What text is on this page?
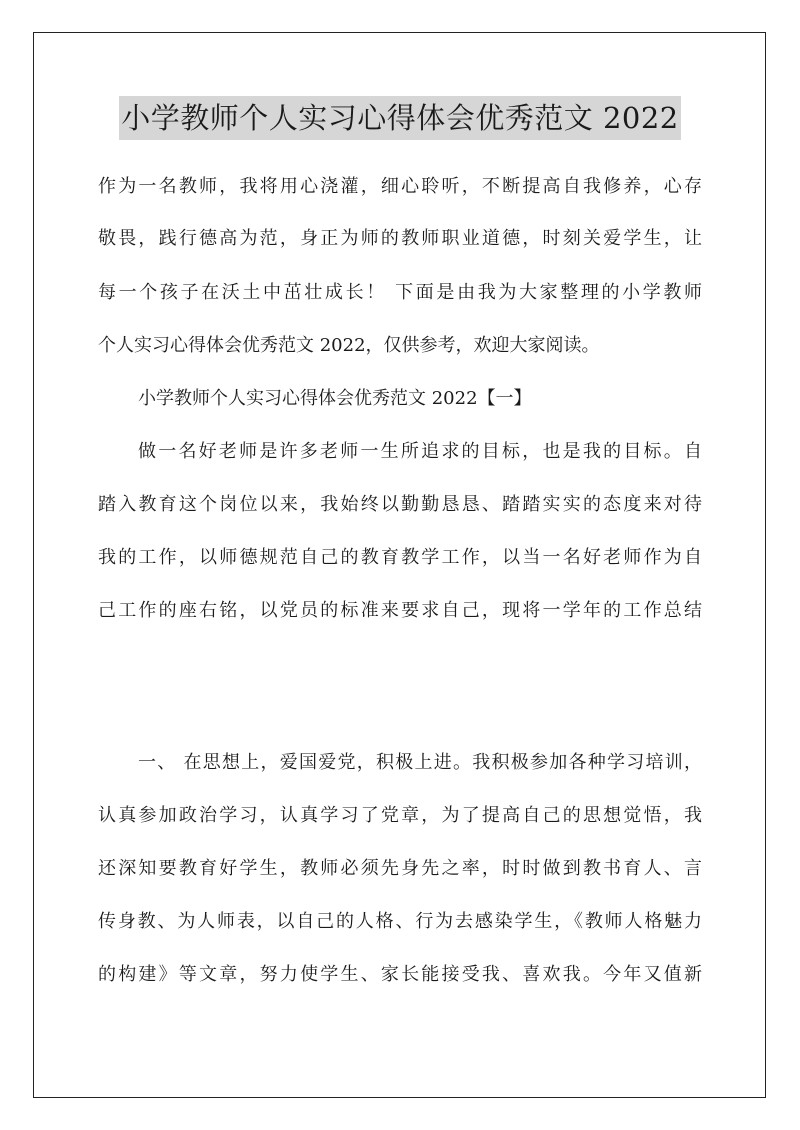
小学教师个人实习心得体会优秀范文 2022
作为一名教师，我将用心浇灌，细心聆听，不断提高自我修养，心存
敬畏，践行德高为范，身正为师的教师职业道德，时刻关爱学生，让
每一个孩子在沃土中茁壮成长！ 下面是由我为大家整理的小学教师
个人实习心得体会优秀范文 2022，仅供参考，欢迎大家阅读。
小学教师个人实习心得体会优秀范文 2022【一】
做一名好老师是许多老师一生所追求的目标，也是我的目标。自
踏入教育这个岗位以来，我始终以勤勤恳恳、踏踏实实的态度来对待
我的工作，以师德规范自己的教育教学工作，以当一名好老师作为自
己工作的座右铭，以党员的标准来要求自己，现将一学年的工作总结
一、 在思想上，爱国爱党，积极上进。我积极参加各种学习培训，
认真参加政治学习，认真学习了党章，为了提高自己的思想觉悟，我
还深知要教育好学生，教师必须先身先之率，时时做到教书育人、言
传身教、为人师表，以自己的人格、行为去感染学生，《教师人格魅力
的构建》等文章，努力使学生、家长能接受我、喜欢我。今年又值新
